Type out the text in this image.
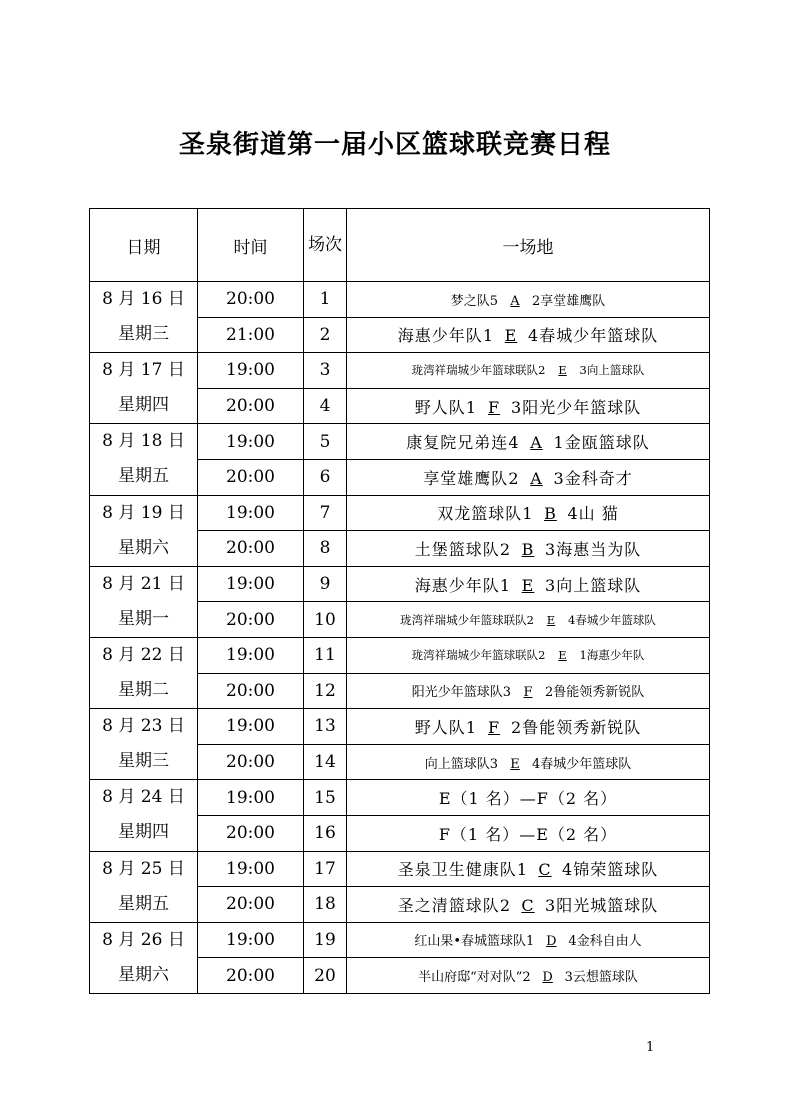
圣泉街道第一届小区篮球联竞赛日程
日期	时间	场次	一场地

8 月 16 日
星期三	20:00	1	梦之队5 A 2享堂雄鹰队
	21:00	2	海惠少年队1 E 4春城少年篮球队

8 月 17 日
星期四	19:00	3	珑湾祥瑞城少年篮球联队2 E 3向上篮球队
	20:00	4	野人队1 F 3阳光少年篮球队

8 月 18 日
星期五	19:00	5	康复院兄弟连4 A 1金瓯篮球队
	20:00	6	享堂雄鹰队2 A 3金科奇才

8 月 19 日
星期六	19:00	7	双龙篮球队1 B 4山 猫
	20:00	8	土堡篮球队2 B 3海惠当为队

8 月 21 日
星期一	19:00	9	海惠少年队1 E 3向上篮球队
	20:00	10	珑湾祥瑞城少年篮球联队2 E 4春城少年篮球队

8 月 22 日
星期二	19:00	11	珑湾祥瑞城少年篮球联队2 E 1海惠少年队
	20:00	12	阳光少年篮球队3 F 2鲁能领秀新锐队

8 月 23 日
星期三	19:00	13	野人队1 F 2鲁能领秀新锐队
	20:00	14	向上篮球队3 E 4春城少年篮球队

8 月 24 日
星期四	19:00	15	E（1 名）—F（2 名）
	20:00	16	F（1 名）—E（2 名）

8 月 25 日
星期五	19:00	17	圣泉卫生健康队1 C 4锦荣篮球队
	20:00	18	圣之清篮球队2 C 3阳光城篮球队

8 月 26 日
星期六	19:00	19	红山果•春城篮球队1 D 4金科自由人
	20:00	20	半山府邸“对对队”2 D 3云想篮球队
1
